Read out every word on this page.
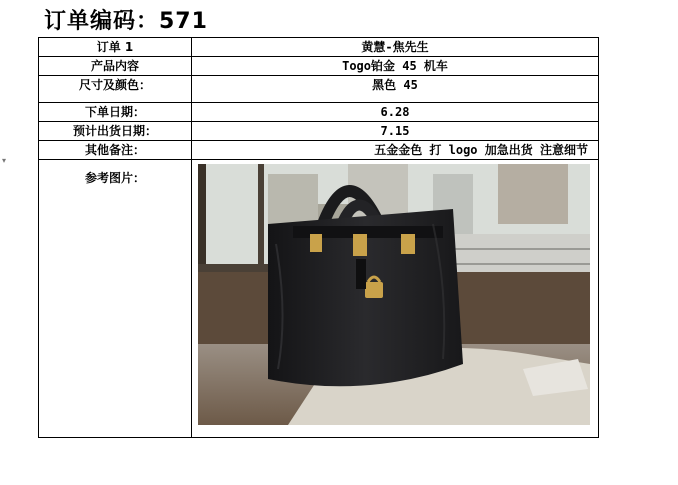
订单编码：571
▾
订单 1	黄慧-焦先生
产品内容	Togo铂金 45 机车
尺寸及颜色：	黑色 45
下单日期：	6.28
预计出货日期：	7.15
其他备注：	五金金色 打 logo 加急出货 注意细节
参考图片：	
